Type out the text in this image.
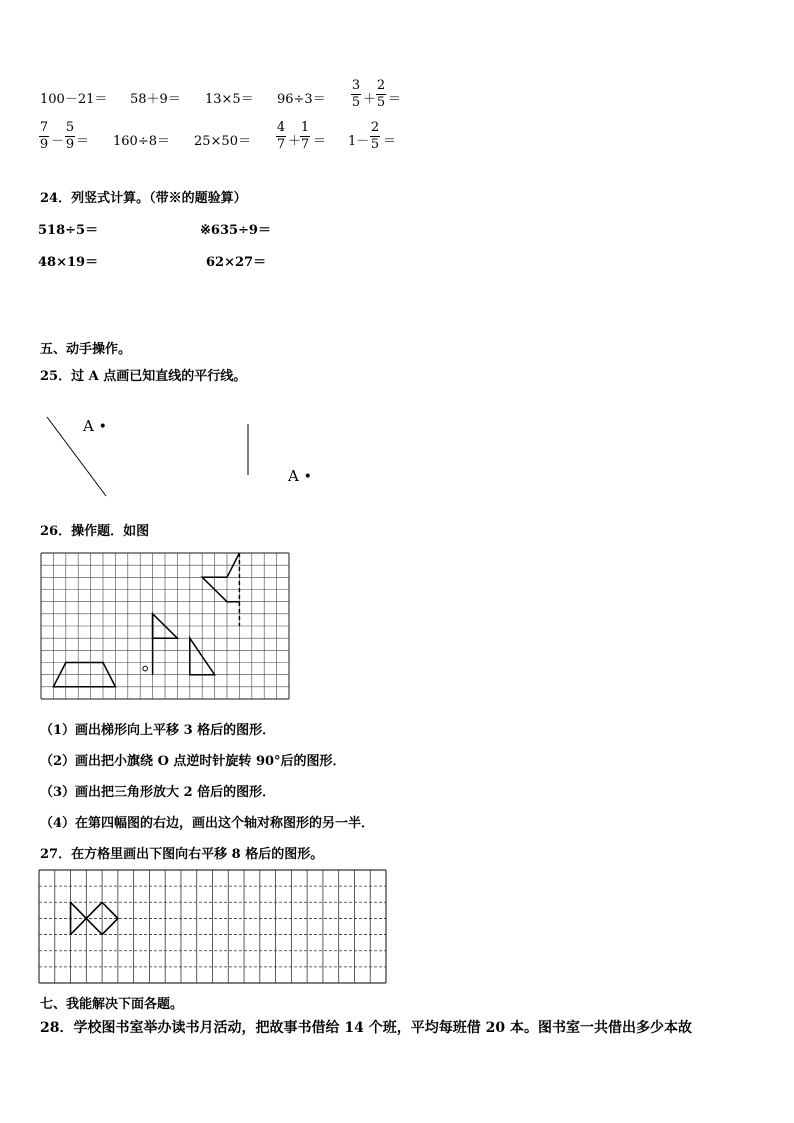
100－21＝ 58＋9＝ 13×5＝ 96÷3＝
3
5 ＋
2
5 ＝
7
9 －
5
9 ＝ 160÷8＝ 25×50＝
4
7 ＋
1
7 ＝ 1－
2
5 ＝
24．列竖式计算。（带※的题验算）
518÷5＝	※635÷9＝
48×19＝	62×27＝
五、动手操作。
25．过 A 点画已知直线的平行线。
A •
A •
26．操作题．如图
（1）画出梯形向上平移 3 格后的图形．
（2）画出把小旗绕 O 点逆时针旋转 90°后的图形．
（3）画出把三角形放大 2 倍后的图形．
（4）在第四幅图的右边，画出这个轴对称图形的另一半．
27．在方格里画出下图向右平移 8 格后的图形。
七、我能解决下面各题。
28．学校图书室举办读书月活动，把故事书借给 14 个班，平均每班借 20 本。图书室一共借出多少本故
